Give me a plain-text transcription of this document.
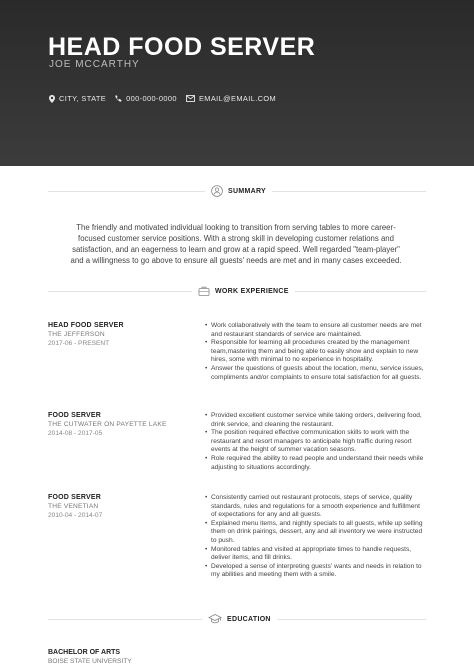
HEAD FOOD SERVER
JOE MCCARTHY
CITY, STATE	000-000-0000	EMAIL@EMAIL.COM
SUMMARY
The friendly and motivated individual looking to transition from serving tables to more career-focused customer service positions. With a strong skill in developing customer relations and satisfaction, and an eagerness to learn and grow at a rapid speed. Well regarded "team-player" and a willingness to go above to ensure all guests' needs are met and in many cases exceeded.
WORK EXPERIENCE
HEAD FOOD SERVER
THE JEFFERSON
2017-06 - PRESENT
• Work collaboratively with the team to ensure all customer needs are met and restaurant standards of service are maintained.
• Responsible for learning all procedures created by the management team,mastering them and being able to easily show and explain to new hires, some with minimal to no experience in hospitality.
• Answer the questions of guests about the location, menu, service issues, compliments and/or complaints to ensure total satisfaction for all guests.
FOOD SERVER
THE CUTWATER ON PAYETTE LAKE
2014-08 - 2017-05
• Provided excellent customer service while taking orders, delivering food, drink service, and cleaning the restaurant.
• The position required effective communication skills to work with the restaurant and resort managers to anticipate high traffic during resort events at the height of summer vacation seasons.
• Role required the ability to read people and understand their needs while adjusting to situations accordingly.
FOOD SERVER
THE VENETIAN
2010-04 - 2014-07
• Consistently carried out restaurant protocols, steps of service, quality standards, rules and regulations for a smooth experience and fulfillment of expectations for any and all guests.
• Explained menu items, and nightly specials to all guests, while up selling them on drink pairings, dessert, any and all inventory we were instructed to push.
• Monitored tables and visited at appropriate times to handle requests, deliver items, and fill drinks.
• Developed a sense of interpreting guests' wants and needs in relation to my abilities and meeting them with a smile.
EDUCATION
BACHELOR OF ARTS
BOISE STATE UNIVERSITY
